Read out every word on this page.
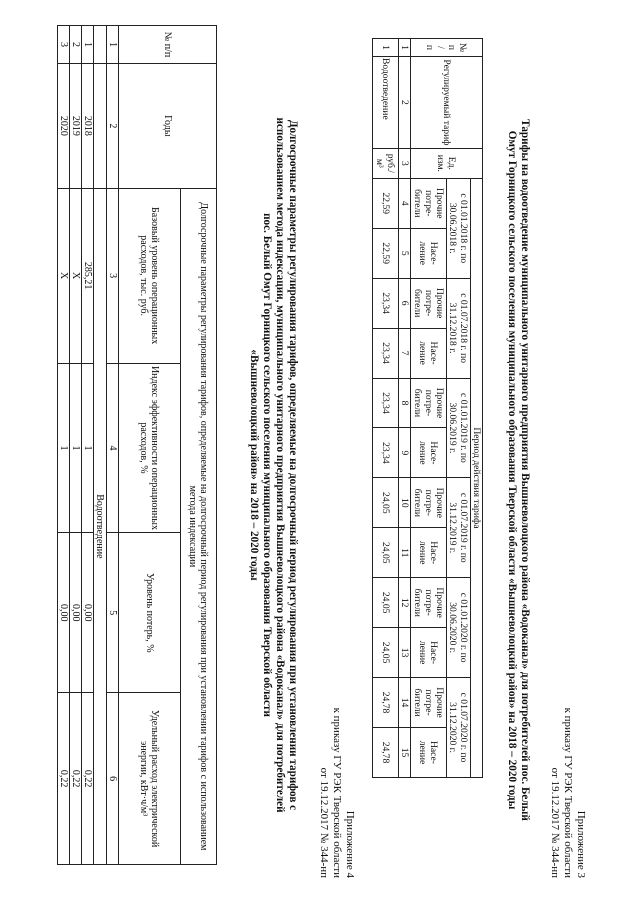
Приложение 3
к приказу ГУ РЭК Тверской области
от 19.12.2017 № 344-нп
Тарифы на водоотведение муниципального унитарного предприятия Вышневолоцкого района «Водоканал» для потребителей пос. Белый
Омут Горницкого сельского поселения муниципального образования Тверской области «Вышневолоцкий район» на 2018 – 2020 годы
№
п
/
п	Регулируемый тариф	Ед. изм.	Период действия тарифа											
			с 01.01.2018 г. по 30.06.2018 г.		с 01.07.2018 г. по 31.12.2018 г.		с 01.01.2019 г. по 30.06.2019 г.		с 01.07.2019 г. по 31.12.2019 г.		с 01.01.2020 г. по 30.06.2020 г.		с 01.07.2020 г. по 31.12.2020 г.	
			Прочие потре- бители	Насе- ление	Прочие потре- бители	Насе- ление	Прочие потре- бители	Насе- ление	Прочие потре- бители	Насе- ление	Прочие потре- бители	Насе- ление	Прочие потре- бители	Насе- ление
1	2	3	4	5	6	7	8	9	10	11	12	13	14	15
1	Водоотведение	руб./ м³	22,59	22,59	23,34	23,34	23,34	23,34	24,05	24,05	24,05	24,05	24,78	24,78
Приложение 4
к приказу ГУ РЭК Тверской области
от 19.12.2017 № 344-нп
Долгосрочные параметры регулирования тарифов, определяемые на долгосрочный период регулирования при установлении тарифов с
использованием метода индексации, муниципального унитарного предприятия Вышневолоцкого района «Водоканал» для потребителей
пос. Белый Омут Горницкого сельского поселения муниципального образования Тверской области
«Вышневолоцкий район» на 2018 – 2020 годы
№ п/п	Годы	Долгосрочные параметры регулирования тарифов, определяемые на долгосрочный период регулирования при установлении тарифов с использованием метода индексации			
		Базовый уровень операционных расходов, тыс. руб.	Индекс эффективности операционных расходов, %	Уровень потерь, %	Удельный расход электрической энергии, кВт·ч/м³
1	2	3	4	5	6
		Водоотведение			
1	2018	285,21	1	0,00	0,22
2	2019	Х	1	0,00	0,22
3	2020	Х	1	0,00	0,22
